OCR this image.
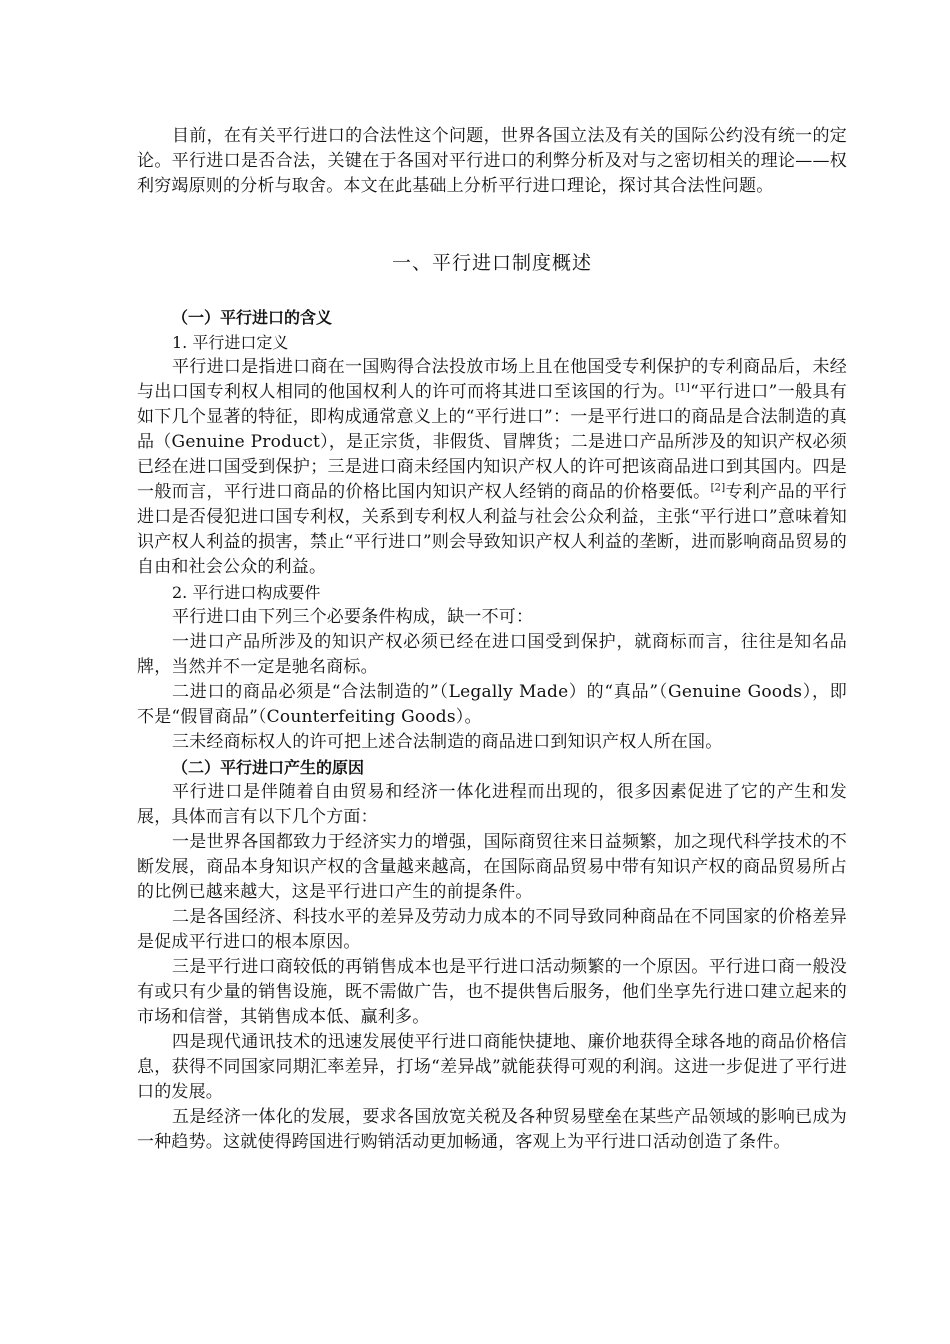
目前，在有关平行进口的合法性这个问题，世界各国立法及有关的国际公约没有统一的定论。平行进口是否合法，关键在于各国对平行进口的利弊分析及对与之密切相关的理论——权利穷竭原则的分析与取舍。本文在此基础上分析平行进口理论，探讨其合法性问题。

一、平行进口制度概述

（一）平行进口的含义

1. 平行进口定义

平行进口是指进口商在一国购得合法投放市场上且在他国受专利保护的专利商品后，未经与出口国专利权人相同的他国权利人的许可而将其进口至该国的行为。[1]“平行进口”一般具有如下几个显著的特征，即构成通常意义上的“平行进口”：一是平行进口的商品是合法制造的真品（Genuine Product），是正宗货，非假货、冒牌货；二是进口产品所涉及的知识产权必须已经在进口国受到保护；三是进口商未经国内知识产权人的许可把该商品进口到其国内。四是一般而言，平行进口商品的价格比国内知识产权人经销的商品的价格要低。[2]专利产品的平行进口是否侵犯进口国专利权，关系到专利权人利益与社会公众利益，主张“平行进口”意味着知识产权人利益的损害，禁止“平行进口”则会导致知识产权人利益的垄断，进而影响商品贸易的自由和社会公众的利益。

2. 平行进口构成要件

平行进口由下列三个必要条件构成，缺一不可：

一进口产品所涉及的知识产权必须已经在进口国受到保护，就商标而言，往往是知名品牌，当然并不一定是驰名商标。

二进口的商品必须是“合法制造的”（Legally Made）的“真品”（Genuine Goods），即不是“假冒商品”（Counterfeiting Goods）。

三未经商标权人的许可把上述合法制造的商品进口到知识产权人所在国。

（二）平行进口产生的原因

平行进口是伴随着自由贸易和经济一体化进程而出现的，很多因素促进了它的产生和发展，具体而言有以下几个方面：

一是世界各国都致力于经济实力的增强，国际商贸往来日益频繁，加之现代科学技术的不断发展，商品本身知识产权的含量越来越高，在国际商品贸易中带有知识产权的商品贸易所占的比例已越来越大，这是平行进口产生的前提条件。

二是各国经济、科技水平的差异及劳动力成本的不同导致同种商品在不同国家的价格差异是促成平行进口的根本原因。

三是平行进口商较低的再销售成本也是平行进口活动频繁的一个原因。平行进口商一般没有或只有少量的销售设施，既不需做广告，也不提供售后服务，他们坐享先行进口建立起来的市场和信誉，其销售成本低、赢利多。

四是现代通讯技术的迅速发展使平行进口商能快捷地、廉价地获得全球各地的商品价格信息，获得不同国家同期汇率差异，打场“差异战”就能获得可观的利润。这进一步促进了平行进口的发展。

五是经济一体化的发展，要求各国放宽关税及各种贸易壁垒在某些产品领域的影响已成为一种趋势。这就使得跨国进行购销活动更加畅通，客观上为平行进口活动创造了条件。
